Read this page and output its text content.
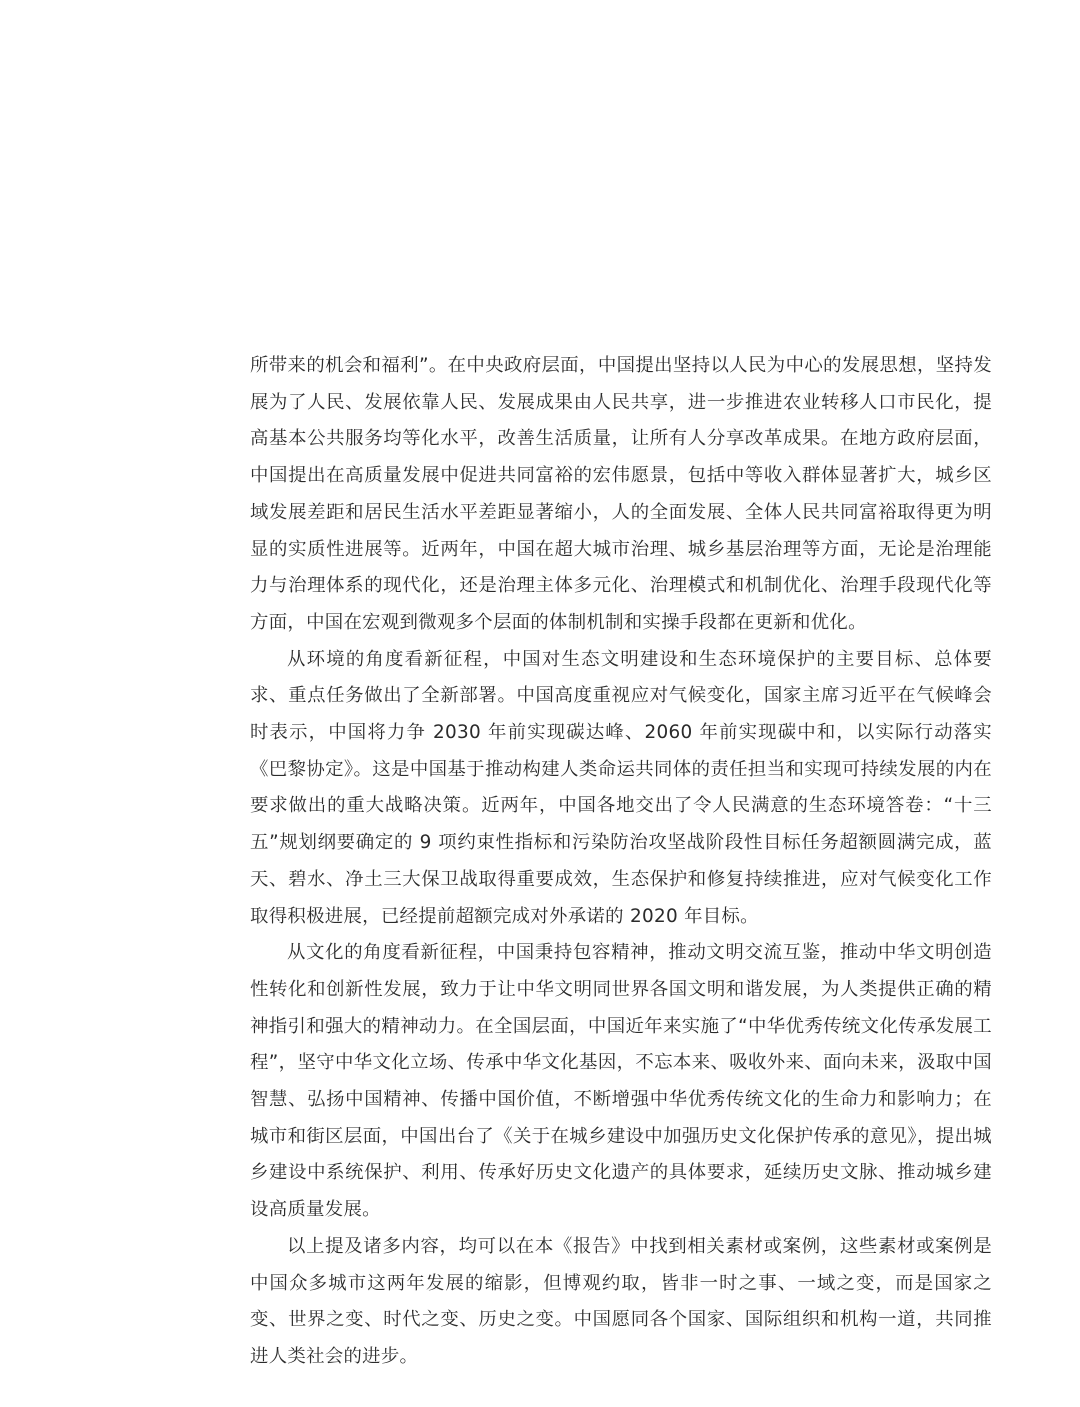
所带来的机会和福利”。在中央政府层面，中国提出坚持以人民为中心的发展思想，坚持发展为了人民、发展依靠人民、发展成果由人民共享，进一步推进农业转移人口市民化，提高基本公共服务均等化水平，改善生活质量，让所有人分享改革成果。在地方政府层面，中国提出在高质量发展中促进共同富裕的宏伟愿景，包括中等收入群体显著扩大，城乡区域发展差距和居民生活水平差距显著缩小，人的全面发展、全体人民共同富裕取得更为明显的实质性进展等。近两年，中国在超大城市治理、城乡基层治理等方面，无论是治理能力与治理体系的现代化，还是治理主体多元化、治理模式和机制优化、治理手段现代化等方面，中国在宏观到微观多个层面的体制机制和实操手段都在更新和优化。

从环境的角度看新征程，中国对生态文明建设和生态环境保护的主要目标、总体要求、重点任务做出了全新部署。中国高度重视应对气候变化，国家主席习近平在气候峰会时表示，中国将力争 2030 年前实现碳达峰、2060 年前实现碳中和，以实际行动落实《巴黎协定》。这是中国基于推动构建人类命运共同体的责任担当和实现可持续发展的内在要求做出的重大战略决策。近两年，中国各地交出了令人民满意的生态环境答卷：“十三五”规划纲要确定的 9 项约束性指标和污染防治攻坚战阶段性目标任务超额圆满完成，蓝天、碧水、净土三大保卫战取得重要成效，生态保护和修复持续推进，应对气候变化工作取得积极进展，已经提前超额完成对外承诺的 2020 年目标。

从文化的角度看新征程，中国秉持包容精神，推动文明交流互鉴，推动中华文明创造性转化和创新性发展，致力于让中华文明同世界各国文明和谐发展，为人类提供正确的精神指引和强大的精神动力。在全国层面，中国近年来实施了“中华优秀传统文化传承发展工程”，坚守中华文化立场、传承中华文化基因，不忘本来、吸收外来、面向未来，汲取中国智慧、弘扬中国精神、传播中国价值，不断增强中华优秀传统文化的生命力和影响力；在城市和街区层面，中国出台了《关于在城乡建设中加强历史文化保护传承的意见》，提出城乡建设中系统保护、利用、传承好历史文化遗产的具体要求，延续历史文脉、推动城乡建设高质量发展。

以上提及诸多内容，均可以在本《报告》中找到相关素材或案例，这些素材或案例是中国众多城市这两年发展的缩影，但博观约取，皆非一时之事、一域之变，而是国家之变、世界之变、时代之变、历史之变。中国愿同各个国家、国际组织和机构一道，共同推进人类社会的进步。
